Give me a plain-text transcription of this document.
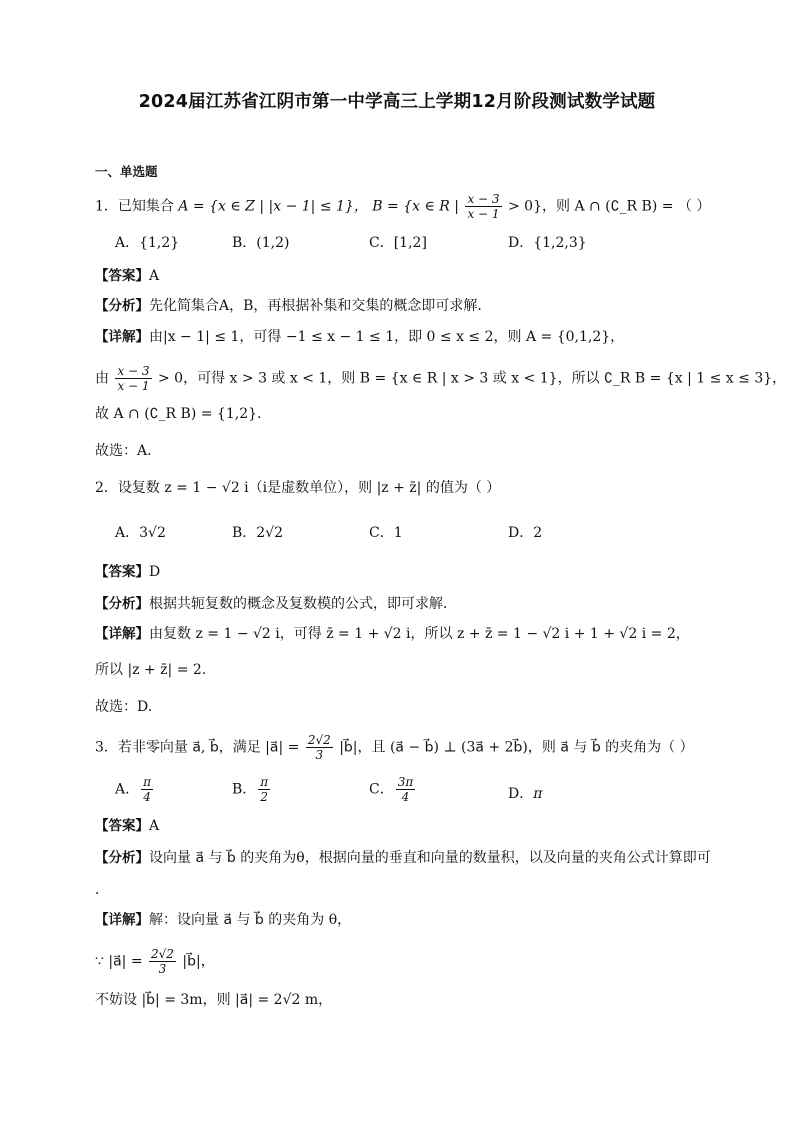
2024届江苏省江阴市第一中学高三上学期12月阶段测试数学试题
一、单选题
1．已知集合 A = {x ∈ Z | |x − 1| ≤ 1}， B = {x ∈ R | $\frac{x - 3}{x - 1} > 0$}，则 A ∩ (∁_R B) = （ ）
A．{1,2}	B．(1,2)	C．[1,2]	D．{1,2,3}
【答案】A
【分析】先化简集合A，B，再根据补集和交集的概念即可求解．
【详解】由|x − 1| ≤ 1，可得 −1 ≤ x − 1 ≤ 1，即 0 ≤ x ≤ 2，则 A = {0,1,2}，
由 $\frac{x - 3}{x - 1} > 0$，可得 x > 3 或 x < 1，则 B = {x ∈ R | x > 3 或 x < 1}，所以 ∁_R B = {x | 1 ≤ x ≤ 3}，
故 A ∩ (∁_R B) = {1,2}.
故选：A.
2．设复数 z = 1 − √2 i（i是虚数单位），则 |z + z̄| 的值为（ ）
A．3√2	B．2√2	C．1	D．2
【答案】D
【分析】根据共轭复数的概念及复数模的公式，即可求解．
【详解】由复数 z = 1 − √2 i，可得 z̄ = 1 + √2 i，所以 z + z̄ = 1 − √2 i + 1 + √2 i = 2，
所以 |z + z̄| = 2.
故选：D.
3．若非零向量 a⃗, b⃗，满足 |a⃗| = $\frac{2√2}{3}$ |b⃗|，且 (a⃗ − b⃗) ⊥ (3a⃗ + 2b⃗)，则 a⃗ 与 b⃗ 的夹角为（ ）
A． $\frac{\pi}{4}$	B． $\frac{\pi}{2}$	C． $\frac{3\pi}{4}$	D．π
【答案】A
【分析】设向量 a⃗ 与 b⃗ 的夹角为θ，根据向量的垂直和向量的数量积，以及向量的夹角公式计算即可
.
【详解】解：设向量 a⃗ 与 b⃗ 的夹角为 θ，
∵ |a⃗| = $\frac{2√2}{3}$ |b⃗|，
不妨设 |b⃗| = 3m，则 |a⃗| = 2√2 m，
